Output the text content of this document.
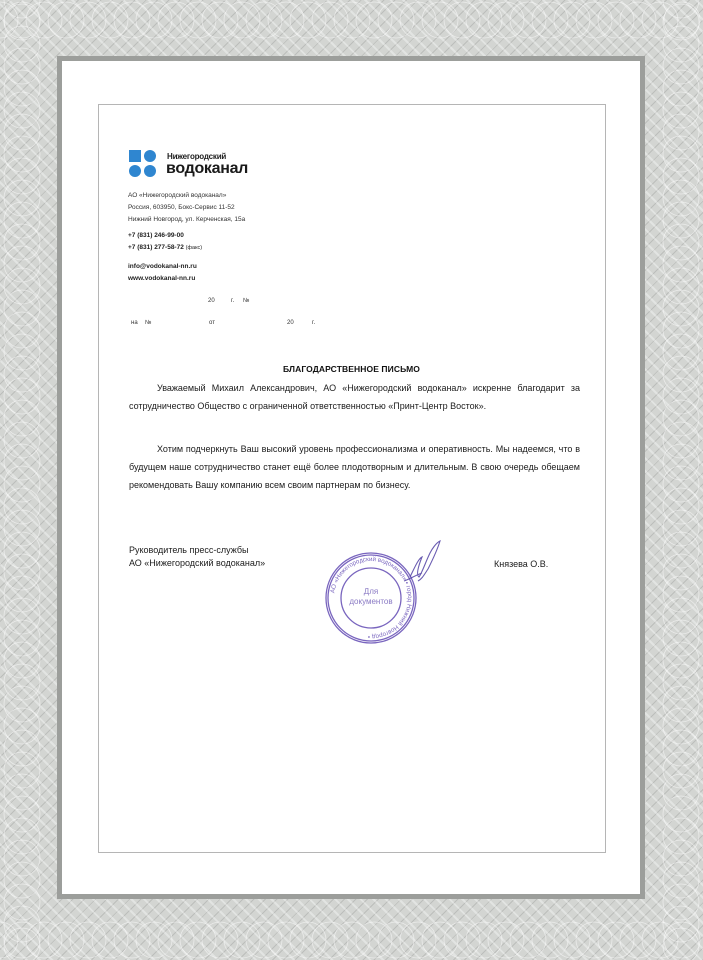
Нижегородский
водоканал
АО «Нижегородский водоканал»
Россия, 603950, Бокс-Сервис 11-52
Нижний Новгород, ул. Керченская, 15а
+7 (831) 246-99-00
+7 (831) 277-58-72 (факс)
info@vodokanal-nn.ru
www.vodokanal-nn.ru
20	г. №
на №	от	20	г.
БЛАГОДАРСТВЕННОЕ ПИСЬМО

Уважаемый Михаил Александрович, АО «Нижегородский водоканал» искренне благодарит за сотрудничество Общество с ограниченной ответственностью «Принт-Центр Восток».

Хотим подчеркнуть Ваш высокий уровень профессионализма и оперативность. Мы надеемся, что в будущем наше сотрудничество станет ещё более плодотворным и длительным. В свою очередь обещаем рекомендовать Вашу компанию всем своим партнерам по бизнесу.

Руководитель пресс-службы
АО «Нижегородский водоканал»	Князева О.В.
АО «Нижегородский водоканал» • город Нижний Новгород •
Для
документов
